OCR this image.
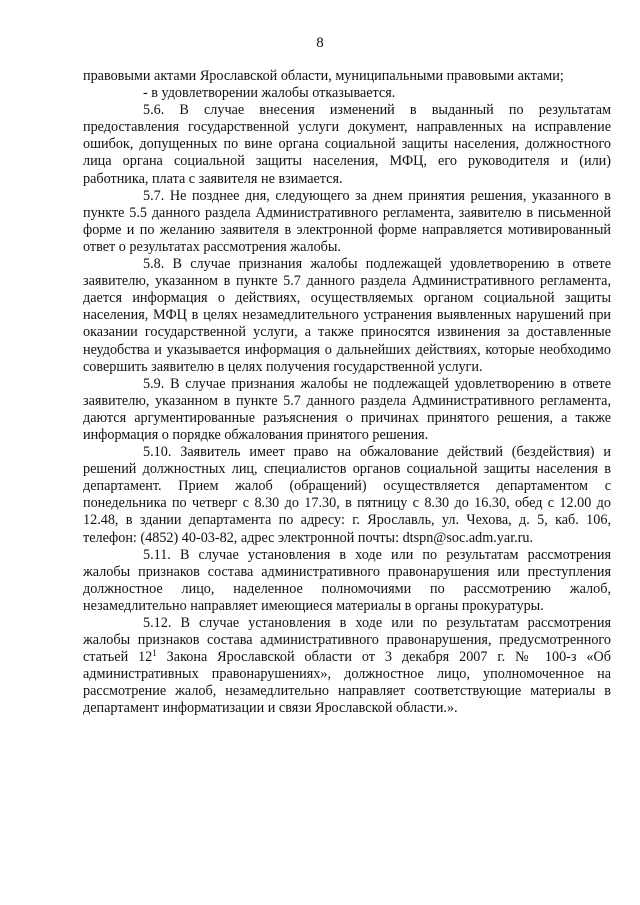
8

правовыми актами Ярославской области, муниципальными правовыми актами;

- в удовлетворении жалобы отказывается.

5.6. В случае внесения изменений в выданный по результатам предоставления государственной услуги документ, направленных на исправление ошибок, допущенных по вине органа социальной защиты населения, должностного лица органа социальной защиты населения, МФЦ, его руководителя и (или) работника, плата с заявителя не взимается.

5.7. Не позднее дня, следующего за днем принятия решения, указанного в пункте 5.5 данного раздела Административного регламента, заявителю в письменной форме и по желанию заявителя в электронной форме направляется мотивированный ответ о результатах рассмотрения жалобы.

5.8. В случае признания жалобы подлежащей удовлетворению в ответе заявителю, указанном в пункте 5.7 данного раздела Административного регламента, дается информация о действиях, осуществляемых органом социальной защиты населения, МФЦ в целях незамедлительного устранения выявленных нарушений при оказании государственной услуги, а также приносятся извинения за доставленные неудобства и указывается информация о дальнейших действиях, которые необходимо совершить заявителю в целях получения государственной услуги.

5.9. В случае признания жалобы не подлежащей удовлетворению в ответе заявителю, указанном в пункте 5.7 данного раздела Административного регламента, даются аргументированные разъяснения о причинах принятого решения, а также информация о порядке обжалования принятого решения.

5.10. Заявитель имеет право на обжалование действий (бездействия) и решений должностных лиц, специалистов органов социальной защиты населения в департамент. Прием жалоб (обращений) осуществляется департаментом с понедельника по четверг с 8.30 до 17.30, в пятницу с 8.30 до 16.30, обед с 12.00 до 12.48, в здании департамента по адресу: г. Ярославль, ул. Чехова, д. 5, каб. 106, телефон: (4852) 40-03-82, адрес электронной почты: dtspn@soc.adm.yar.ru.

5.11. В случае установления в ходе или по результатам рассмотрения жалобы признаков состава административного правонарушения или преступления должностное лицо, наделенное полномочиями по рассмотрению жалоб, незамедлительно направляет имеющиеся материалы в органы прокуратуры.

5.12. В случае установления в ходе или по результатам рассмотрения жалобы признаков состава административного правонарушения, предусмотренного статьей $12^1$ Закона Ярославской области от 3 декабря 2007 г. № 100-з «Об административных правонарушениях», должностное лицо, уполномоченное на рассмотрение жалоб, незамедлительно направляет соответствующие материалы в департамент информатизации и связи Ярославской области.».
